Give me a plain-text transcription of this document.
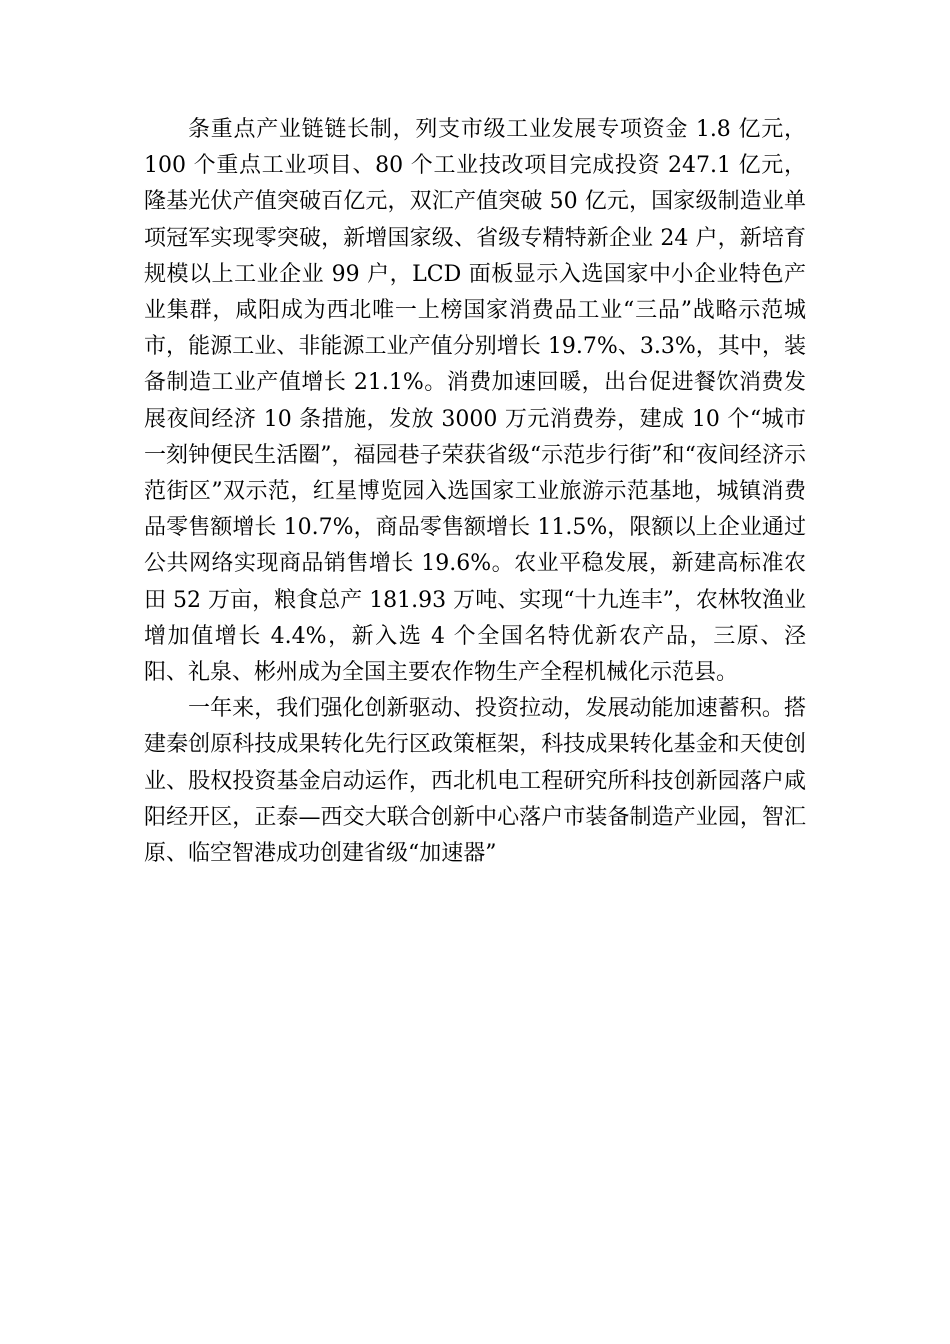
条重点产业链链长制，列支市级工业发展专项资金 1.8 亿元，100 个重点工业项目、80 个工业技改项目完成投资 247.1 亿元，隆基光伏产值突破百亿元，双汇产值突破 50 亿元，国家级制造业单项冠军实现零突破，新增国家级、省级专精特新企业 24 户，新培育规模以上工业企业 99 户，LCD 面板显示入选国家中小企业特色产业集群，咸阳成为西北唯一上榜国家消费品工业“三品”战略示范城市，能源工业、非能源工业产值分别增长 19.7%、3.3%，其中，装备制造工业产值增长 21.1%。消费加速回暖，出台促进餐饮消费发展夜间经济 10 条措施，发放 3000 万元消费券，建成 10 个“城市一刻钟便民生活圈”，福园巷子荣获省级“示范步行街”和“夜间经济示范街区”双示范，红星博览园入选国家工业旅游示范基地，城镇消费品零售额增长 10.7%，商品零售额增长 11.5%，限额以上企业通过公共网络实现商品销售增长 19.6%。农业平稳发展，新建高标准农田 52 万亩，粮食总产 181.93 万吨、实现“十九连丰”，农林牧渔业增加值增长 4.4%，新入选 4 个全国名特优新农产品，三原、泾阳、礼泉、彬州成为全国主要农作物生产全程机械化示范县。

一年来，我们强化创新驱动、投资拉动，发展动能加速蓄积。搭建秦创原科技成果转化先行区政策框架，科技成果转化基金和天使创业、股权投资基金启动运作，西北机电工程研究所科技创新园落户咸阳经开区，正泰—西交大联合创新中心落户市装备制造产业园，智汇原、临空智港成功创建省级“加速器”
